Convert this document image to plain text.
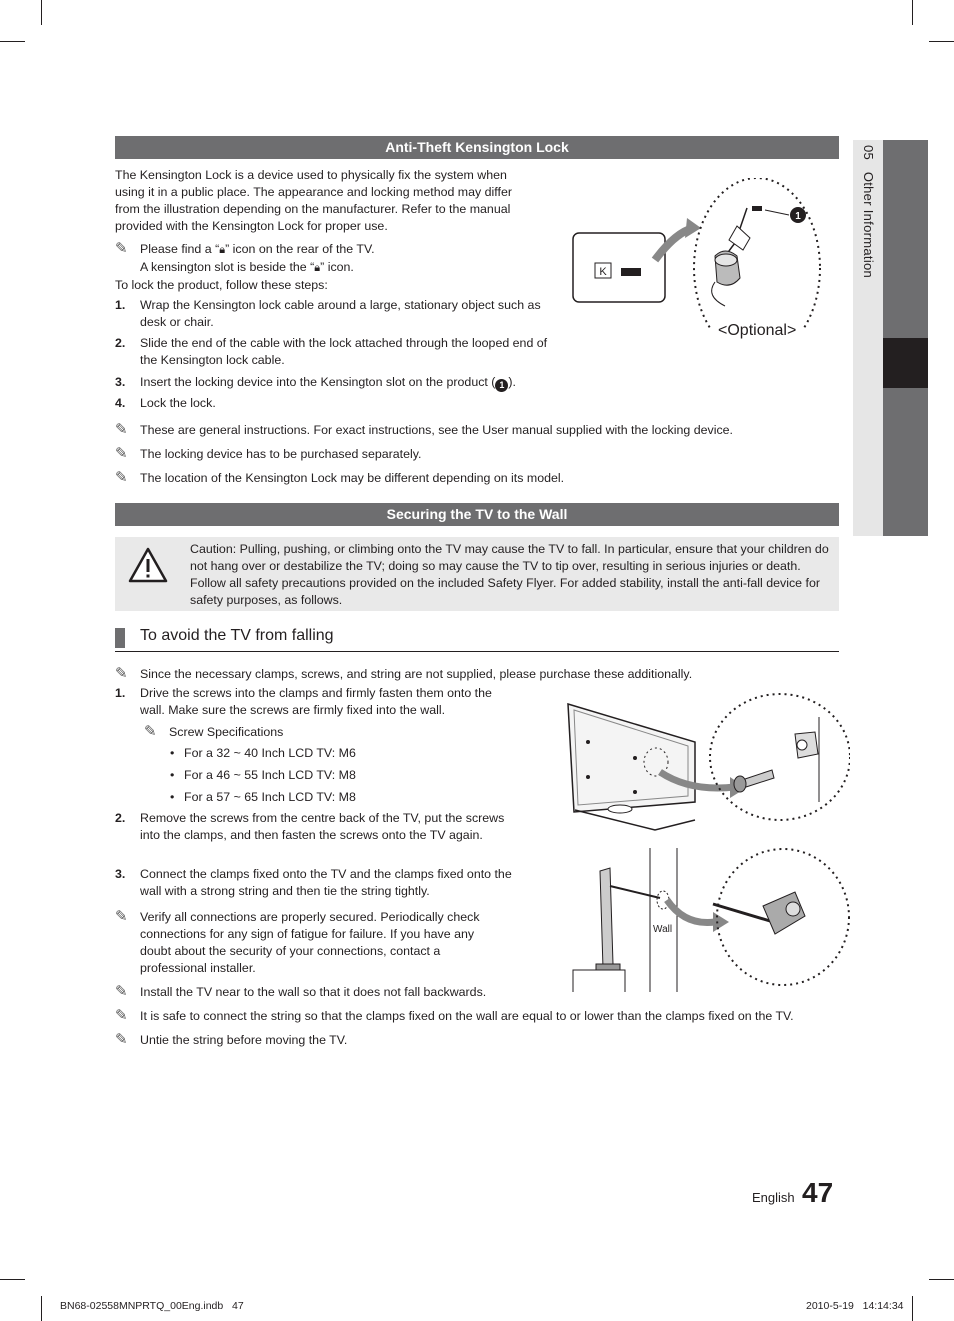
05   Other Information
Anti-Theft Kensington Lock
The Kensington Lock is a device used to physically fix the system when using it in a public place. The appearance and locking method may differ from the illustration depending on the manufacturer. Refer to the manual provided with the Kensington Lock for proper use.
✎ Please find a “🔒︎” icon on the rear of the TV.
A kensington slot is beside the “🔒︎” icon.
To lock the product, follow these steps:
1. Wrap the Kensington lock cable around a large, stationary object such as desk or chair.
2. Slide the end of the cable with the lock attached through the looped end of the Kensington lock cable.
3. Insert the locking device into the Kensington slot on the product ( 1 ).
4. Lock the lock.
✎ These are general instructions. For exact instructions, see the User manual supplied with the locking device.
✎ The locking device has to be purchased separately.
✎ The location of the Kensington Lock may be different depending on its model.
K
1
<Optional>
Securing the TV to the Wall
Caution: Pulling, pushing, or climbing onto the TV may cause the TV to fall. In particular, ensure that your children do not hang over or destabilize the TV; doing so may cause the TV to tip over, resulting in serious injuries or death. Follow all safety precautions provided on the included Safety Flyer. For added stability, install the anti-fall device for safety purposes, as follows.
To avoid the TV from falling
✎ Since the necessary clamps, screws, and string are not supplied, please purchase these additionally.
1. Drive the screws into the clamps and firmly fasten them onto the wall. Make sure the screws are firmly fixed into the wall.
✎ Screw Specifications
• For a 32 ~ 40 Inch LCD TV: M6
• For a 46 ~ 55 Inch LCD TV: M8
• For a 57 ~ 65 Inch LCD TV: M8
2. Remove the screws from the centre back of the TV, put the screws into the clamps, and then fasten the screws onto the TV again.
3. Connect the clamps fixed onto the TV and the clamps fixed onto the wall with a strong string and then tie the string tightly.
✎ Verify all connections are properly secured. Periodically check connections for any sign of fatigue for failure. If you have any doubt about the security of your connections, contact a professional installer.
✎ Install the TV near to the wall so that it does not fall backwards.
✎ It is safe to connect the string so that the clamps fixed on the wall are equal to or lower than the clamps fixed on the TV.
✎ Untie the string before moving the TV.
Wall
English 47
BN68-02558MNPRTQ_00Eng.indb   47	2010-5-19   14:14:34
